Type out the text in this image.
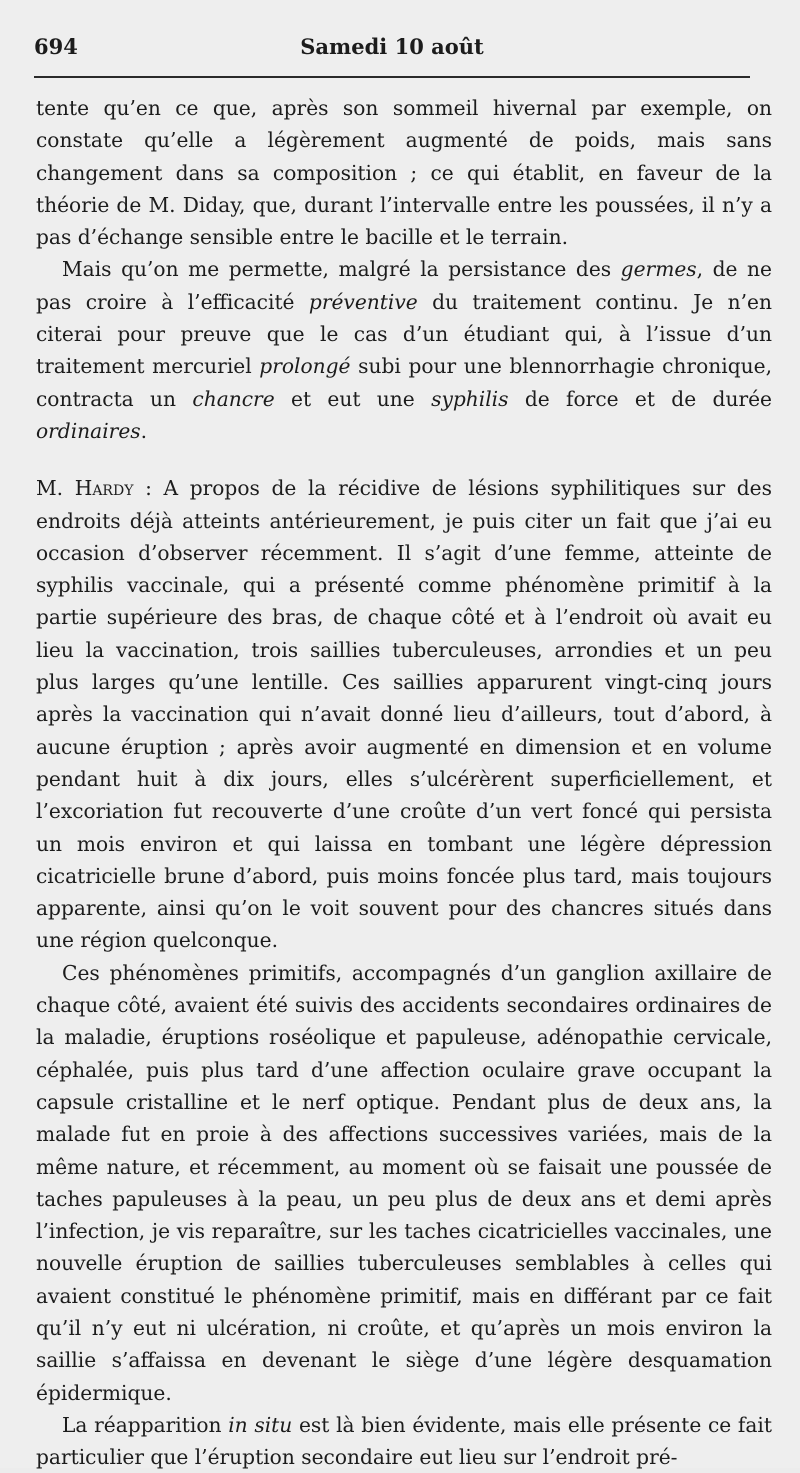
694	Samedi 10 août

tente qu’en ce que, après son sommeil hivernal par exemple, on constate qu’elle a légèrement augmenté de poids, mais sans changement dans sa composition ; ce qui établit, en faveur de la théorie de M. Diday, que, durant l’intervalle entre les poussées, il n’y a pas d’échange sensible entre le bacille et le terrain.

Mais qu’on me permette, malgré la persistance des germes, de ne pas croire à l’efficacité préventive du traitement continu. Je n’en citerai pour preuve que le cas d’un étudiant qui, à l’issue d’un traitement mercuriel prolongé subi pour une blennorrhagie chronique, contracta un chancre et eut une syphilis de force et de durée ordinaires.

M. Hardy : A propos de la récidive de lésions syphilitiques sur des endroits déjà atteints antérieurement, je puis citer un fait que j’ai eu occasion d’observer récemment. Il s’agit d’une femme, atteinte de syphilis vaccinale, qui a présenté comme phénomène primitif à la partie supérieure des bras, de chaque côté et à l’endroit où avait eu lieu la vaccination, trois saillies tuberculeuses, arrondies et un peu plus larges qu’une lentille. Ces saillies apparurent vingt-cinq jours après la vaccination qui n’avait donné lieu d’ailleurs, tout d’abord, à aucune éruption ; après avoir augmenté en dimension et en volume pendant huit à dix jours, elles s’ulcérèrent superficiellement, et l’excoriation fut recouverte d’une croûte d’un vert foncé qui persista un mois environ et qui laissa en tombant une légère dépression cicatricielle brune d’abord, puis moins foncée plus tard, mais toujours apparente, ainsi qu’on le voit souvent pour des chancres situés dans une région quelconque.

Ces phénomènes primitifs, accompagnés d’un ganglion axillaire de chaque côté, avaient été suivis des accidents secondaires ordinaires de la maladie, éruptions roséolique et papuleuse, adénopathie cervicale, céphalée, puis plus tard d’une affection oculaire grave occupant la capsule cristalline et le nerf optique. Pendant plus de deux ans, la malade fut en proie à des affections successives variées, mais de la même nature, et récemment, au moment où se faisait une poussée de taches papuleuses à la peau, un peu plus de deux ans et demi après l’infection, je vis reparaître, sur les taches cicatricielles vaccinales, une nouvelle éruption de saillies tuberculeuses semblables à celles qui avaient constitué le phénomène primitif, mais en différant par ce fait qu’il n’y eut ni ulcération, ni croûte, et qu’après un mois environ la saillie s’affaissa en devenant le siège d’une légère desquamation épidermique.

La réapparition in situ est là bien évidente, mais elle présente ce fait particulier que l’éruption secondaire eut lieu sur l’endroit pré-
